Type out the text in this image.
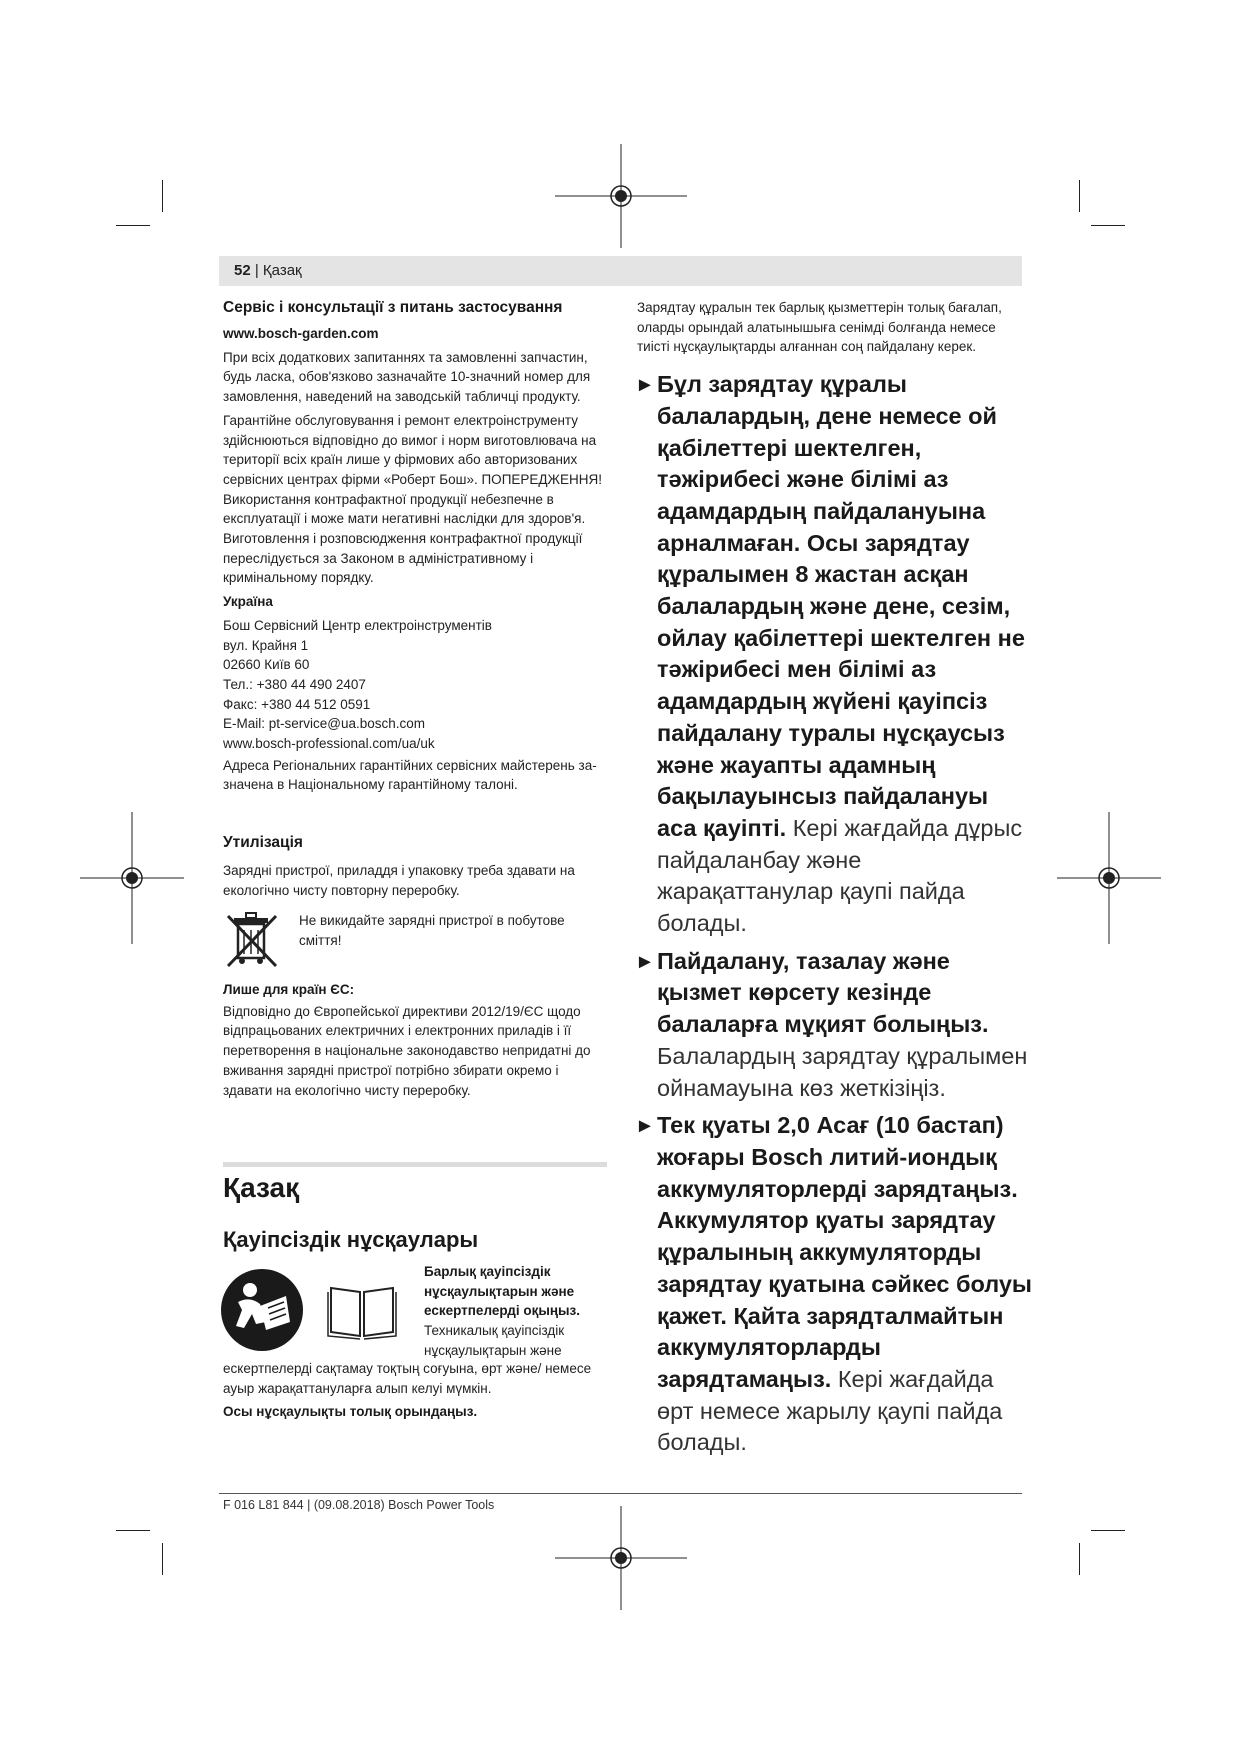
52 | Қазақ

Сервіс і консультації з питань застосування

www.bosch-garden.com

При всіх додаткових запитаннях та замовленні запчастин, будь ласка, обов'язково зазначайте 10-значний номер для замовлення, наведений на заводській табличці продукту.

Гарантійне обслуговування і ремонт електроінструменту здійснюються відповідно до вимог і норм виготовлювача на території всіх країн лише у фірмових або авторизованих сервісних центрах фірми «Роберт Бош». ПОПЕРЕДЖЕННЯ! Використання контрафактної продукції небезпечне в експлуатації і може мати негативні наслідки для здоров'я. Виготовлення і розповсюдження контрафактної продукції переслідується за Законом в адміністративному і кримінальному порядку.

Україна

Бош Сервісний Центр електроінструментів

вул. Крайня 1

02660 Київ 60

Тел.: +380 44 490 2407

Факс: +380 44 512 0591

E-Mail: pt-service@ua.bosch.com

www.bosch-professional.com/ua/uk

Адреса Регіональних гарантійних сервісних майстерень за- значена в Національному гарантійному талоні.

Утилізація

Зарядні пристрої, приладдя і упаковку треба здавати на екологічно чисту повторну переробку.

Не викидайте зарядні пристрої в побутове сміття!

Лише для країн ЄС:

Відповідно до Європейської директиви 2012/19/ЄС щодо відпрацьованих електричних і електронних приладів і її перетворення в національне законодавство непридатні до вживання зарядні пристрої потрібно збирати окремо і здавати на екологічно чисту переробку.

Қазақ

Қауіпсіздік нұсқаулары

Барлық қауіпсіздік нұсқаулықтарын және ескертпелерді оқыңыз.

Техникалық қауіпсіздік нұсқаулықтарын және

ескертпелерді сақтамау тоқтың соғуына, өрт және/ немесе ауыр жарақаттануларға алып келуі мүмкін.

Осы нұсқаулықты толық орындаңыз.

Зарядтау құралын тек барлық қызметтерін толық бағалап, оларды орындай алатынышыға сенімді болғанда немесе тиісті нұсқаулықтарды алғаннан соң пайдалану керек.

► Бұл зарядтау құралы балалардың, дене немесе ой қабілеттері шектелген, тәжірибесі және білімі аз адамдардың пайдалануына арналмаған. Осы зарядтау құралымен 8 жастан асқан балалардың және дене, сезім, ойлау қабілеттері шектелген не тәжірибесі мен білімі аз адамдардың жүйені қауіпсіз пайдалану туралы нұсқаусыз және жауапты адамның бақылауынсыз пайдалануы аса қауіпті. Кері жағдайда дұрыс пайдаланбау және жарақаттанулар қаупі пайда болады.
► Пайдалану, тазалау және қызмет көрсету кезінде балаларға мұқият болыңыз. Балалардың зарядтау құралымен ойнамауына көз жеткізіңіз.
► Тек қуаты 2,0 Асағ (10 бастап) жоғары Bosch литий-иондық аккумуляторлерді зарядтаңыз. Аккумулятор қуаты зарядтау құралының аккумуляторды зарядтау қуатына сәйкес болуы қажет. Қайта зарядталмайтын аккумуляторларды зарядтамаңыз. Кері жағдайда өрт немесе жарылу қаупі пайда болады.

F 016 L81 844 | (09.08.2018) Bosch Power Tools
